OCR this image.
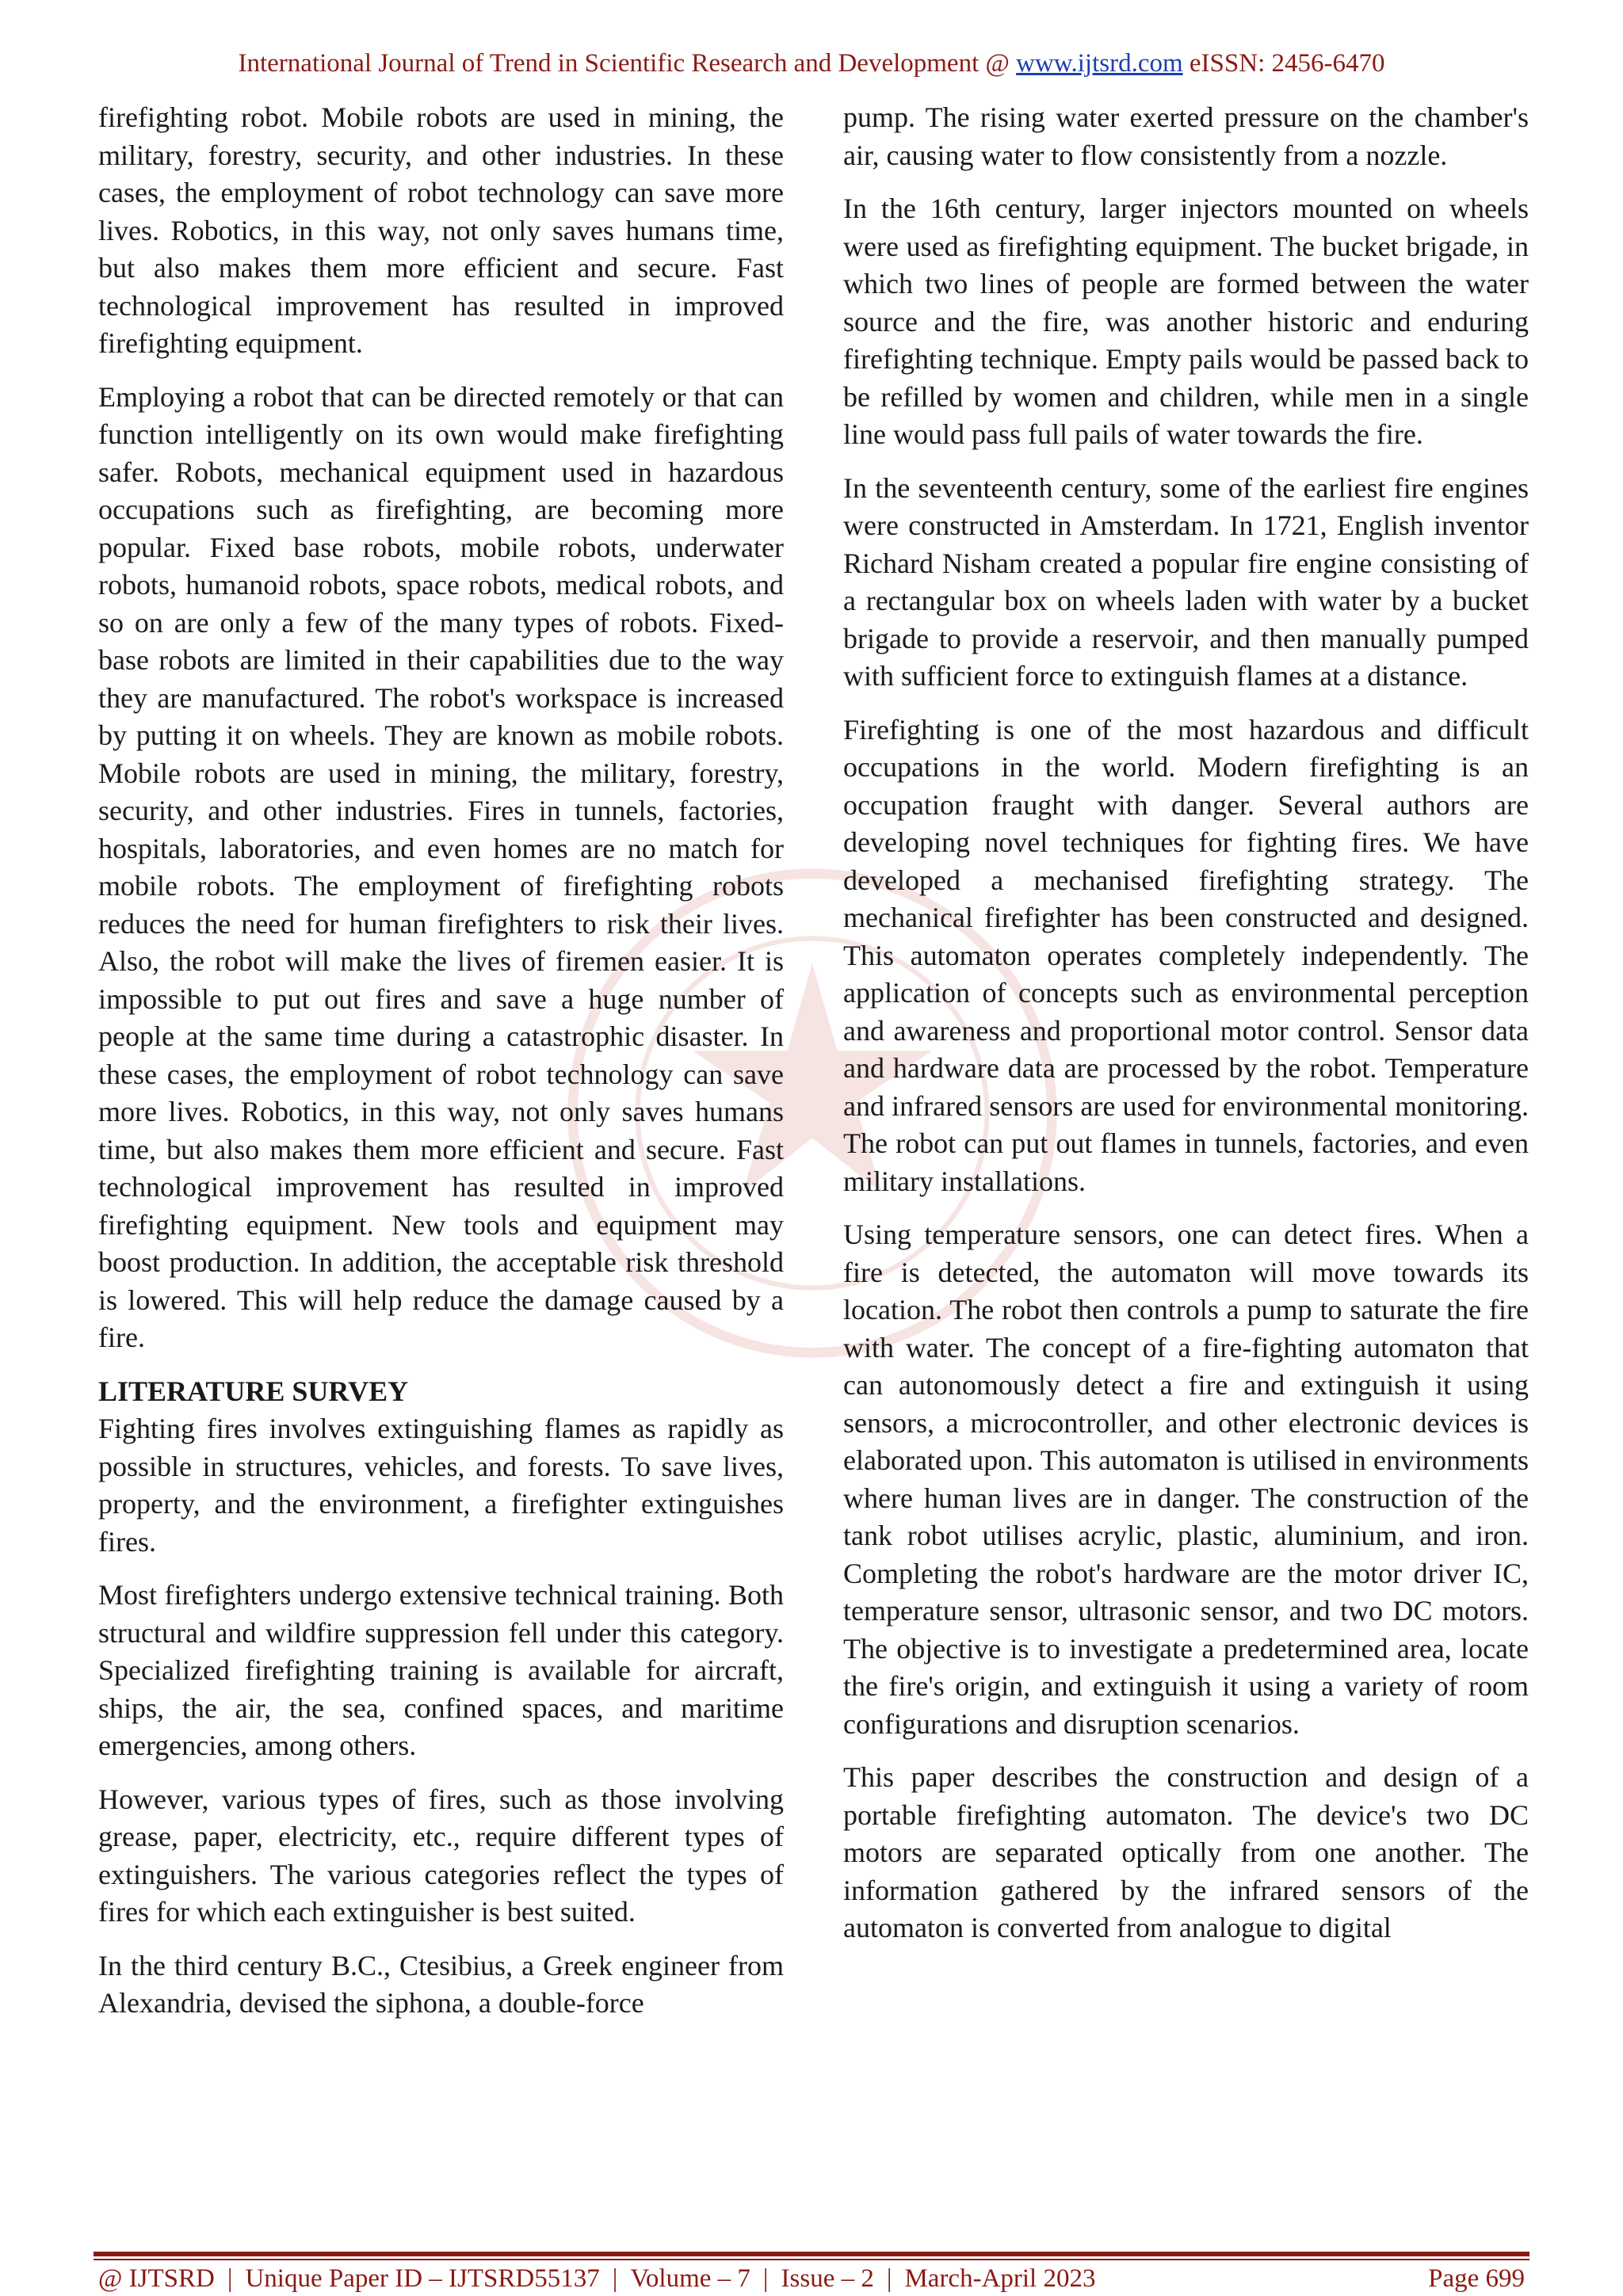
International Journal of Trend in Scientific Research and Development @ www.ijtsrd.com eISSN: 2456-6470

firefighting robot. Mobile robots are used in mining, the military, forestry, security, and other industries. In these cases, the employment of robot technology can save more lives. Robotics, in this way, not only saves humans time, but also makes them more efficient and secure. Fast technological improvement has resulted in improved firefighting equipment.

Employing a robot that can be directed remotely or that can function intelligently on its own would make firefighting safer. Robots, mechanical equipment used in hazardous occupations such as firefighting, are becoming more popular. Fixed base robots, mobile robots, underwater robots, humanoid robots, space robots, medical robots, and so on are only a few of the many types of robots. Fixed-base robots are limited in their capabilities due to the way they are manufactured. The robot's workspace is increased by putting it on wheels. They are known as mobile robots. Mobile robots are used in mining, the military, forestry, security, and other industries. Fires in tunnels, factories, hospitals, laboratories, and even homes are no match for mobile robots. The employment of firefighting robots reduces the need for human firefighters to risk their lives. Also, the robot will make the lives of firemen easier. It is impossible to put out fires and save a huge number of people at the same time during a catastrophic disaster. In these cases, the employment of robot technology can save more lives. Robotics, in this way, not only saves humans time, but also makes them more efficient and secure. Fast technological improvement has resulted in improved firefighting equipment. New tools and equipment may boost production. In addition, the acceptable risk threshold is lowered. This will help reduce the damage caused by a fire.

LITERATURE SURVEY

Fighting fires involves extinguishing flames as rapidly as possible in structures, vehicles, and forests. To save lives, property, and the environment, a firefighter extinguishes fires.

Most firefighters undergo extensive technical training. Both structural and wildfire suppression fell under this category. Specialized firefighting training is available for aircraft, ships, the air, the sea, confined spaces, and maritime emergencies, among others.

However, various types of fires, such as those involving grease, paper, electricity, etc., require different types of extinguishers. The various categories reflect the types of fires for which each extinguisher is best suited.

In the third century B.C., Ctesibius, a Greek engineer from Alexandria, devised the siphona, a double-force

pump. The rising water exerted pressure on the chamber's air, causing water to flow consistently from a nozzle.

In the 16th century, larger injectors mounted on wheels were used as firefighting equipment. The bucket brigade, in which two lines of people are formed between the water source and the fire, was another historic and enduring firefighting technique. Empty pails would be passed back to be refilled by women and children, while men in a single line would pass full pails of water towards the fire.

In the seventeenth century, some of the earliest fire engines were constructed in Amsterdam. In 1721, English inventor Richard Nisham created a popular fire engine consisting of a rectangular box on wheels laden with water by a bucket brigade to provide a reservoir, and then manually pumped with sufficient force to extinguish flames at a distance.

Firefighting is one of the most hazardous and difficult occupations in the world. Modern firefighting is an occupation fraught with danger. Several authors are developing novel techniques for fighting fires. We have developed a mechanised firefighting strategy. The mechanical firefighter has been constructed and designed. This automaton operates completely independently. The application of concepts such as environmental perception and awareness and proportional motor control. Sensor data and hardware data are processed by the robot. Temperature and infrared sensors are used for environmental monitoring. The robot can put out flames in tunnels, factories, and even military installations.

Using temperature sensors, one can detect fires. When a fire is detected, the automaton will move towards its location. The robot then controls a pump to saturate the fire with water. The concept of a fire-fighting automaton that can autonomously detect a fire and extinguish it using sensors, a microcontroller, and other electronic devices is elaborated upon. This automaton is utilised in environments where human lives are in danger. The construction of the tank robot utilises acrylic, plastic, aluminium, and iron. Completing the robot's hardware are the motor driver IC, temperature sensor, ultrasonic sensor, and two DC motors. The objective is to investigate a predetermined area, locate the fire's origin, and extinguish it using a variety of room configurations and disruption scenarios.

This paper describes the construction and design of a portable firefighting automaton. The device's two DC motors are separated optically from one another. The information gathered by the infrared sensors of the automaton is converted from analogue to digital

@ IJTSRD | Unique Paper ID – IJTSRD55137 | Volume – 7 | Issue – 2 | March-April 2023	Page 699
